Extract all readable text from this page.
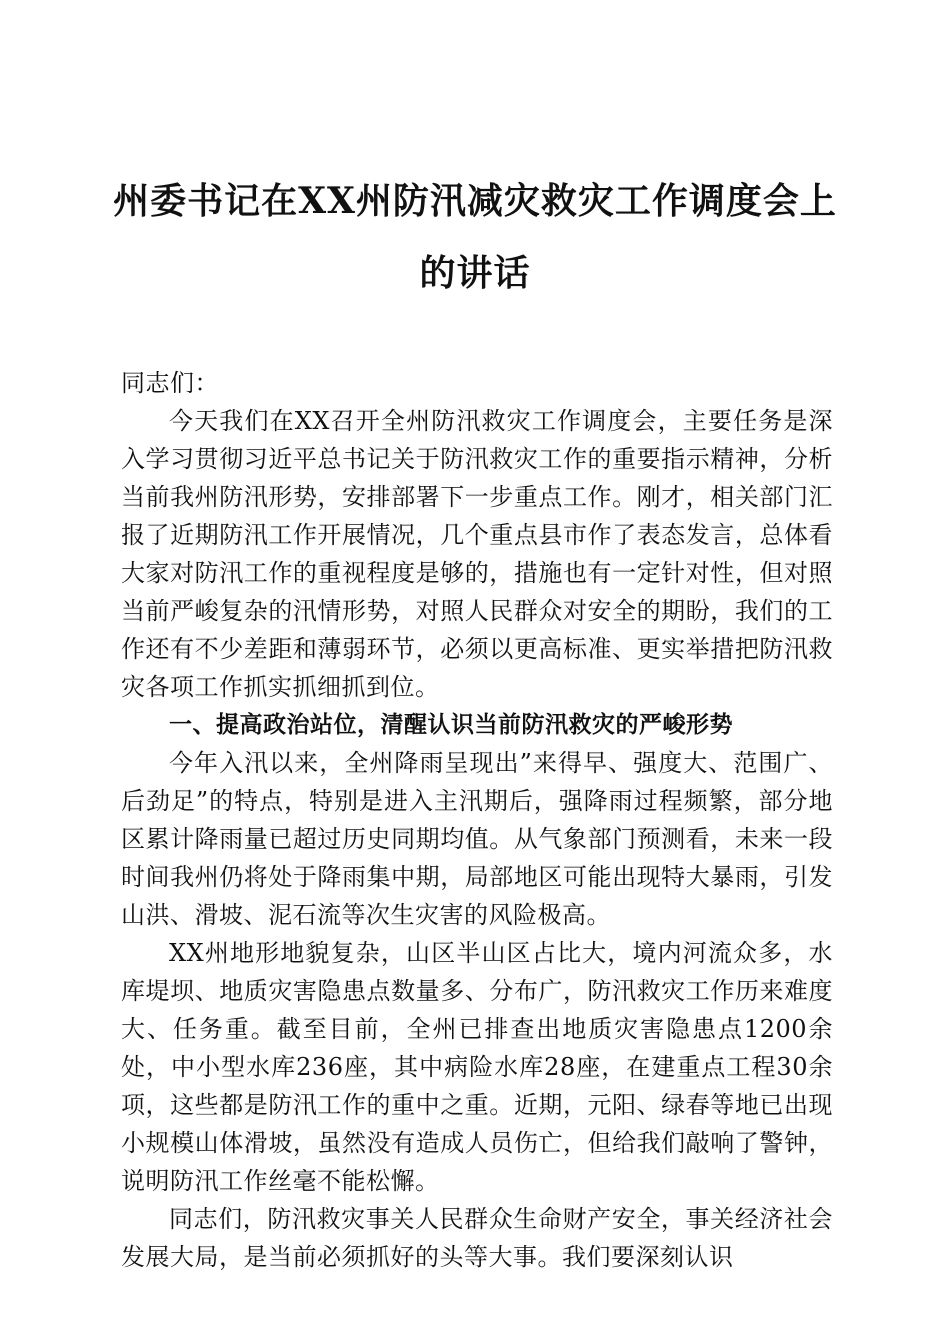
州委书记在XX州防汛减灾救灾工作调度会上
的讲话

同志们：

今天我们在XX召开全州防汛救灾工作调度会，主要任务是深入学习贯彻习近平总书记关于防汛救灾工作的重要指示精神，分析当前我州防汛形势，安排部署下一步重点工作。刚才，相关部门汇报了近期防汛工作开展情况，几个重点县市作了表态发言，总体看大家对防汛工作的重视程度是够的，措施也有一定针对性，但对照当前严峻复杂的汛情形势，对照人民群众对安全的期盼，我们的工作还有不少差距和薄弱环节，必须以更高标准、更实举措把防汛救灾各项工作抓实抓细抓到位。

一、提高政治站位，清醒认识当前防汛救灾的严峻形势

今年入汛以来，全州降雨呈现出”来得早、强度大、范围广、后劲足”的特点，特别是进入主汛期后，强降雨过程频繁，部分地区累计降雨量已超过历史同期均值。从气象部门预测看，未来一段时间我州仍将处于降雨集中期，局部地区可能出现特大暴雨，引发山洪、滑坡、泥石流等次生灾害的风险极高。

XX州地形地貌复杂，山区半山区占比大，境内河流众多，水库堤坝、地质灾害隐患点数量多、分布广，防汛救灾工作历来难度大、任务重。截至目前，全州已排查出地质灾害隐患点1200余处，中小型水库236座，其中病险水库28座，在建重点工程30余项，这些都是防汛工作的重中之重。近期，元阳、绿春等地已出现小规模山体滑坡，虽然没有造成人员伤亡，但给我们敲响了警钟，说明防汛工作丝毫不能松懈。

同志们，防汛救灾事关人民群众生命财产安全，事关经济社会发展大局，是当前必须抓好的头等大事。我们要深刻认识
